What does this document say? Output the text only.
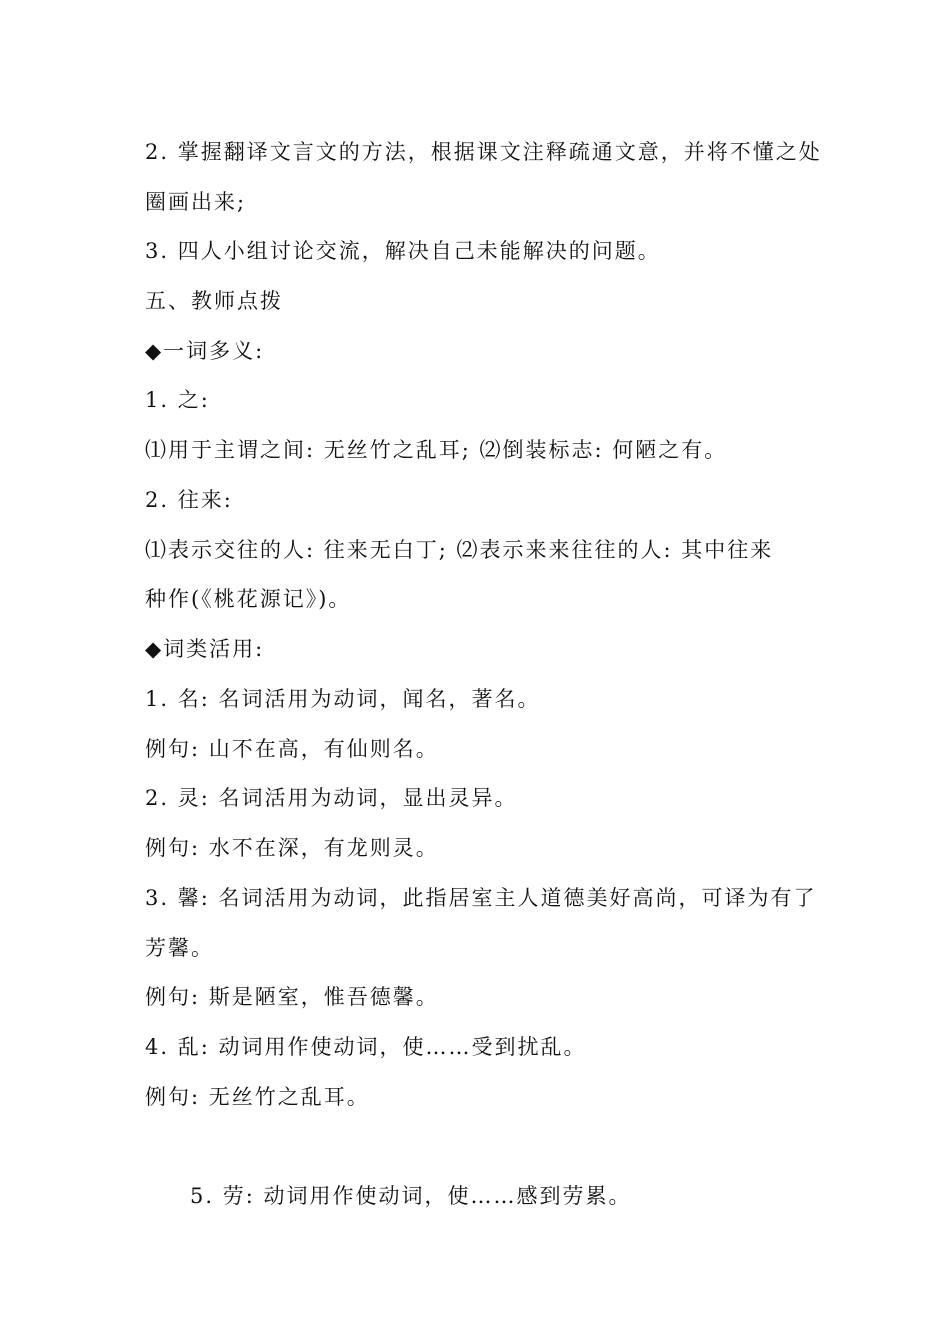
2. 掌握翻译文言文的方法，根据课文注释疏通文意，并将不懂之处
圈画出来;
3. 四人小组讨论交流，解决自己未能解决的问题。
五、教师点拨
◆一词多义:
1. 之:
⑴用于主谓之间: 无丝竹之乱耳; ⑵倒装标志: 何陋之有。
2. 往来:
⑴表示交往的人: 往来无白丁; ⑵表示来来往往的人: 其中往来
种作(《桃花源记》)。
◆词类活用:
1. 名: 名词活用为动词，闻名，著名。
例句: 山不在高，有仙则名。
2. 灵: 名词活用为动词，显出灵异。
例句: 水不在深，有龙则灵。
3. 馨: 名词活用为动词，此指居室主人道德美好高尚，可译为有了
芳馨。
例句: 斯是陋室，惟吾德馨。
4. 乱: 动词用作使动词，使……受到扰乱。
例句: 无丝竹之乱耳。
5. 劳: 动词用作使动词，使……感到劳累。
